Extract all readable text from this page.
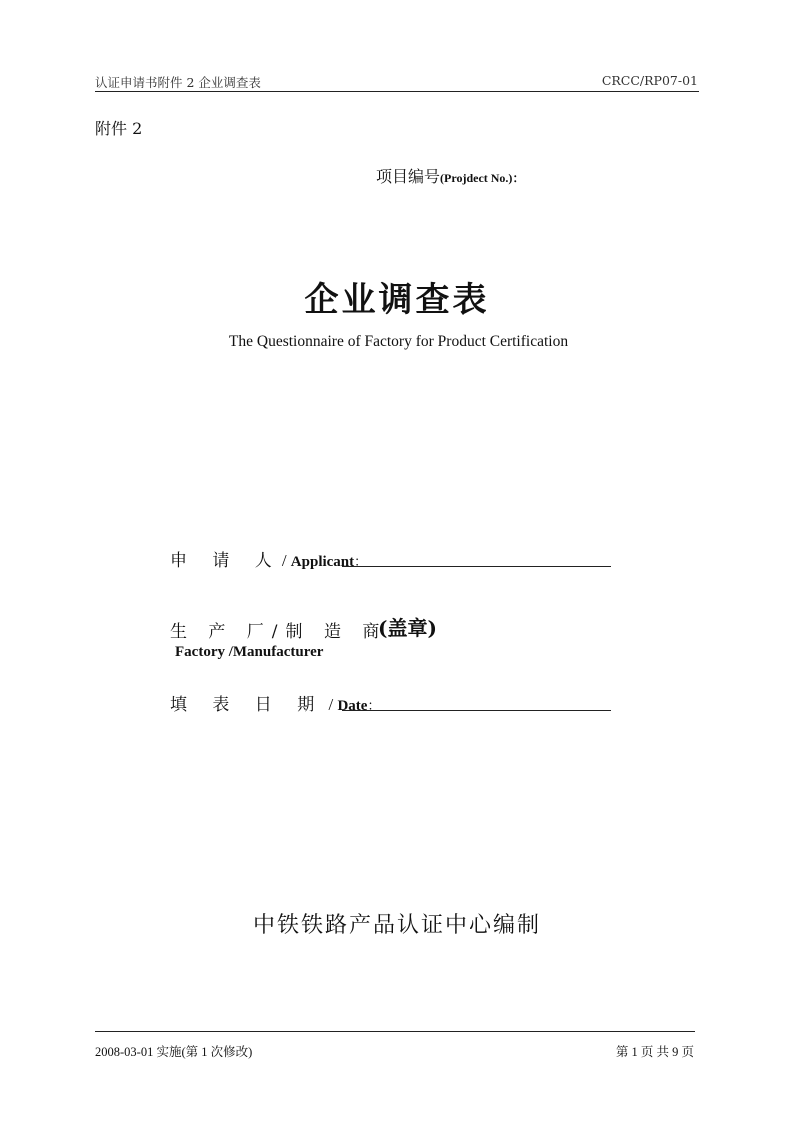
认证申请书附件 2 企业调查表	CRCC/RP07-01
附件 2
项目编号(Projdect No.)：
企业调查表
The Questionnaire of Factory for Product Certification
申 请 人/ Applicant：
生 产 厂/制 造 商:
(盖章)
Factory /Manufacturer
填 表 日 期 / Date：
中铁铁路产品认证中心编制
2008-03-01 实施(第 1 次修改)	第 1 页 共 9 页
